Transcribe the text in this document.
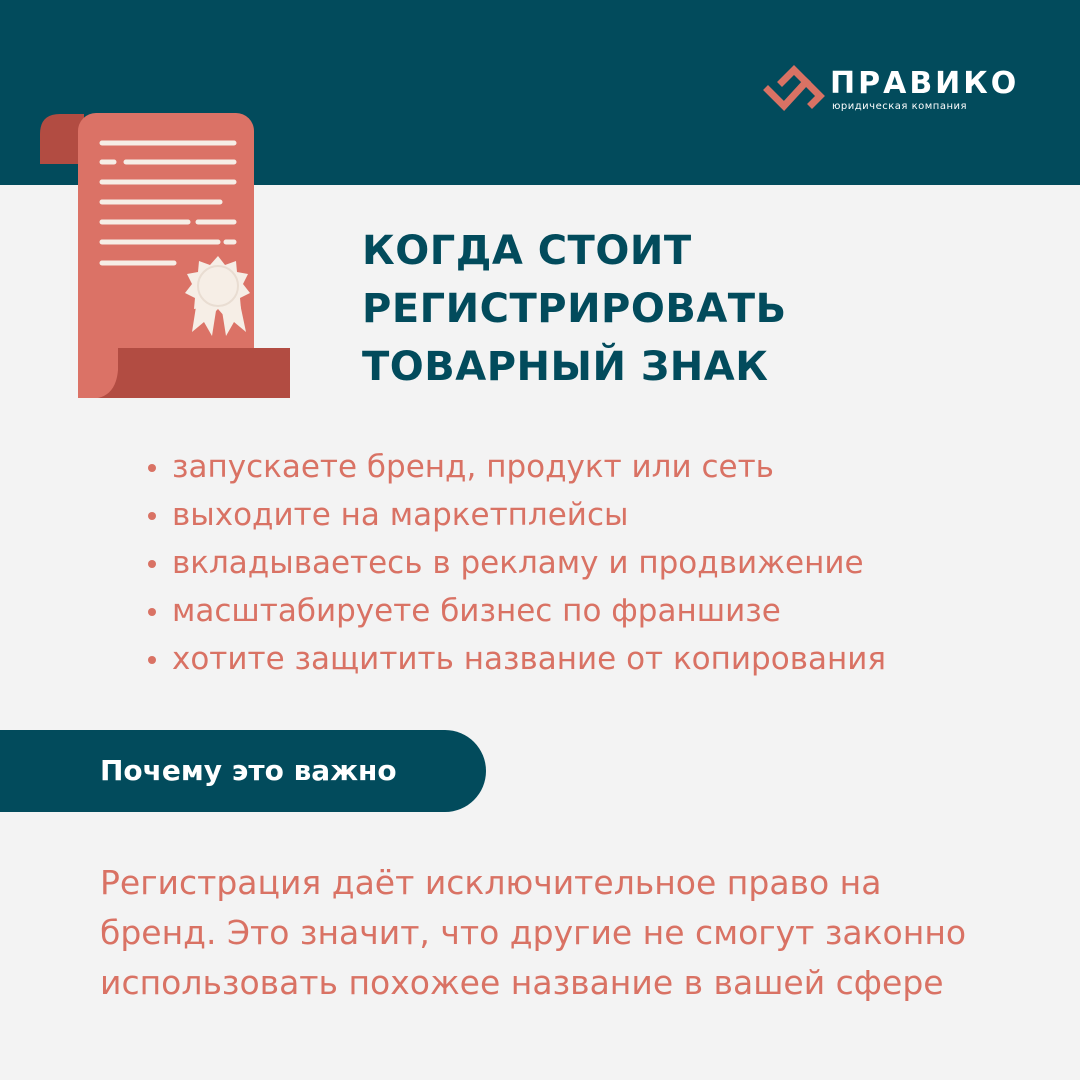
ПРАВИКО
юридическая компания
КОГДА СТОИТ
РЕГИСТРИРОВАТЬ
ТОВАРНЫЙ ЗНАК
запускаете бренд, продукт или сеть
выходите на маркетплейсы
вкладываетесь в рекламу и продвижение
масштабируете бизнес по франшизе
хотите защитить название от копирования
Почему это важно

Регистрация даёт исключительное право на
бренд. Это значит, что другие не смогут законно
использовать похожее название в вашей сфере
